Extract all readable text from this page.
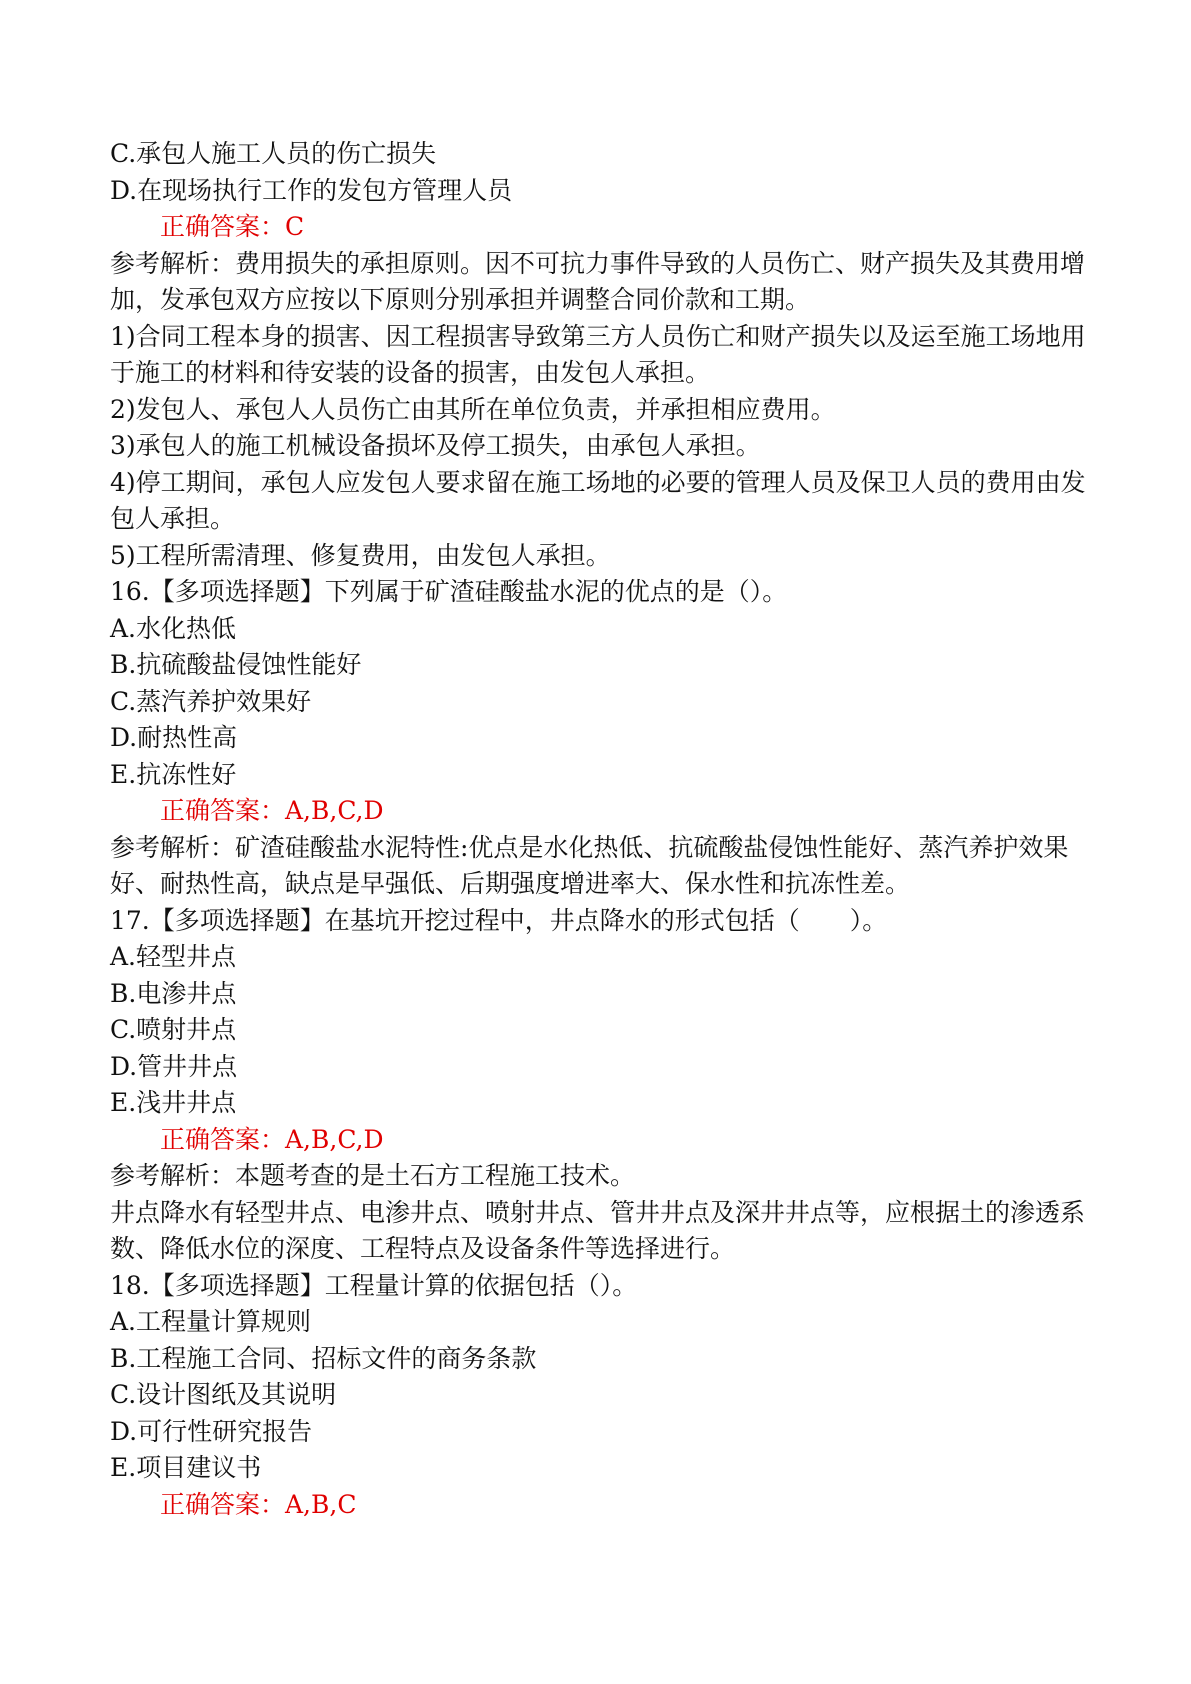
C.承包人施工人员的伤亡损失
D.在现场执行工作的发包方管理人员
正确答案：C
参考解析：费用损失的承担原则。因不可抗力事件导致的人员伤亡、财产损失及其费用增加，发承包双方应按以下原则分别承担并调整合同价款和工期。
1)合同工程本身的损害、因工程损害导致第三方人员伤亡和财产损失以及运至施工场地用于施工的材料和待安装的设备的损害，由发包人承担。
2)发包人、承包人人员伤亡由其所在单位负责，并承担相应费用。
3)承包人的施工机械设备损坏及停工损失，由承包人承担。
4)停工期间，承包人应发包人要求留在施工场地的必要的管理人员及保卫人员的费用由发包人承担。
5)工程所需清理、修复费用，由发包人承担。
16.【多项选择题】下列属于矿渣硅酸盐水泥的优点的是（）。
A.水化热低
B.抗硫酸盐侵蚀性能好
C.蒸汽养护效果好
D.耐热性高
E.抗冻性好
正确答案：A,B,C,D
参考解析：矿渣硅酸盐水泥特性:优点是水化热低、抗硫酸盐侵蚀性能好、蒸汽养护效果好、耐热性高，缺点是早强低、后期强度增进率大、保水性和抗冻性差。
17.【多项选择题】在基坑开挖过程中，井点降水的形式包括（　　）。
A.轻型井点
B.电渗井点
C.喷射井点
D.管井井点
E.浅井井点
正确答案：A,B,C,D
参考解析：本题考查的是土石方工程施工技术。
井点降水有轻型井点、电渗井点、喷射井点、管井井点及深井井点等，应根据土的渗透系数、降低水位的深度、工程特点及设备条件等选择进行。
18.【多项选择题】工程量计算的依据包括（）。
A.工程量计算规则
B.工程施工合同、招标文件的商务条款
C.设计图纸及其说明
D.可行性研究报告
E.项目建议书
正确答案：A,B,C
